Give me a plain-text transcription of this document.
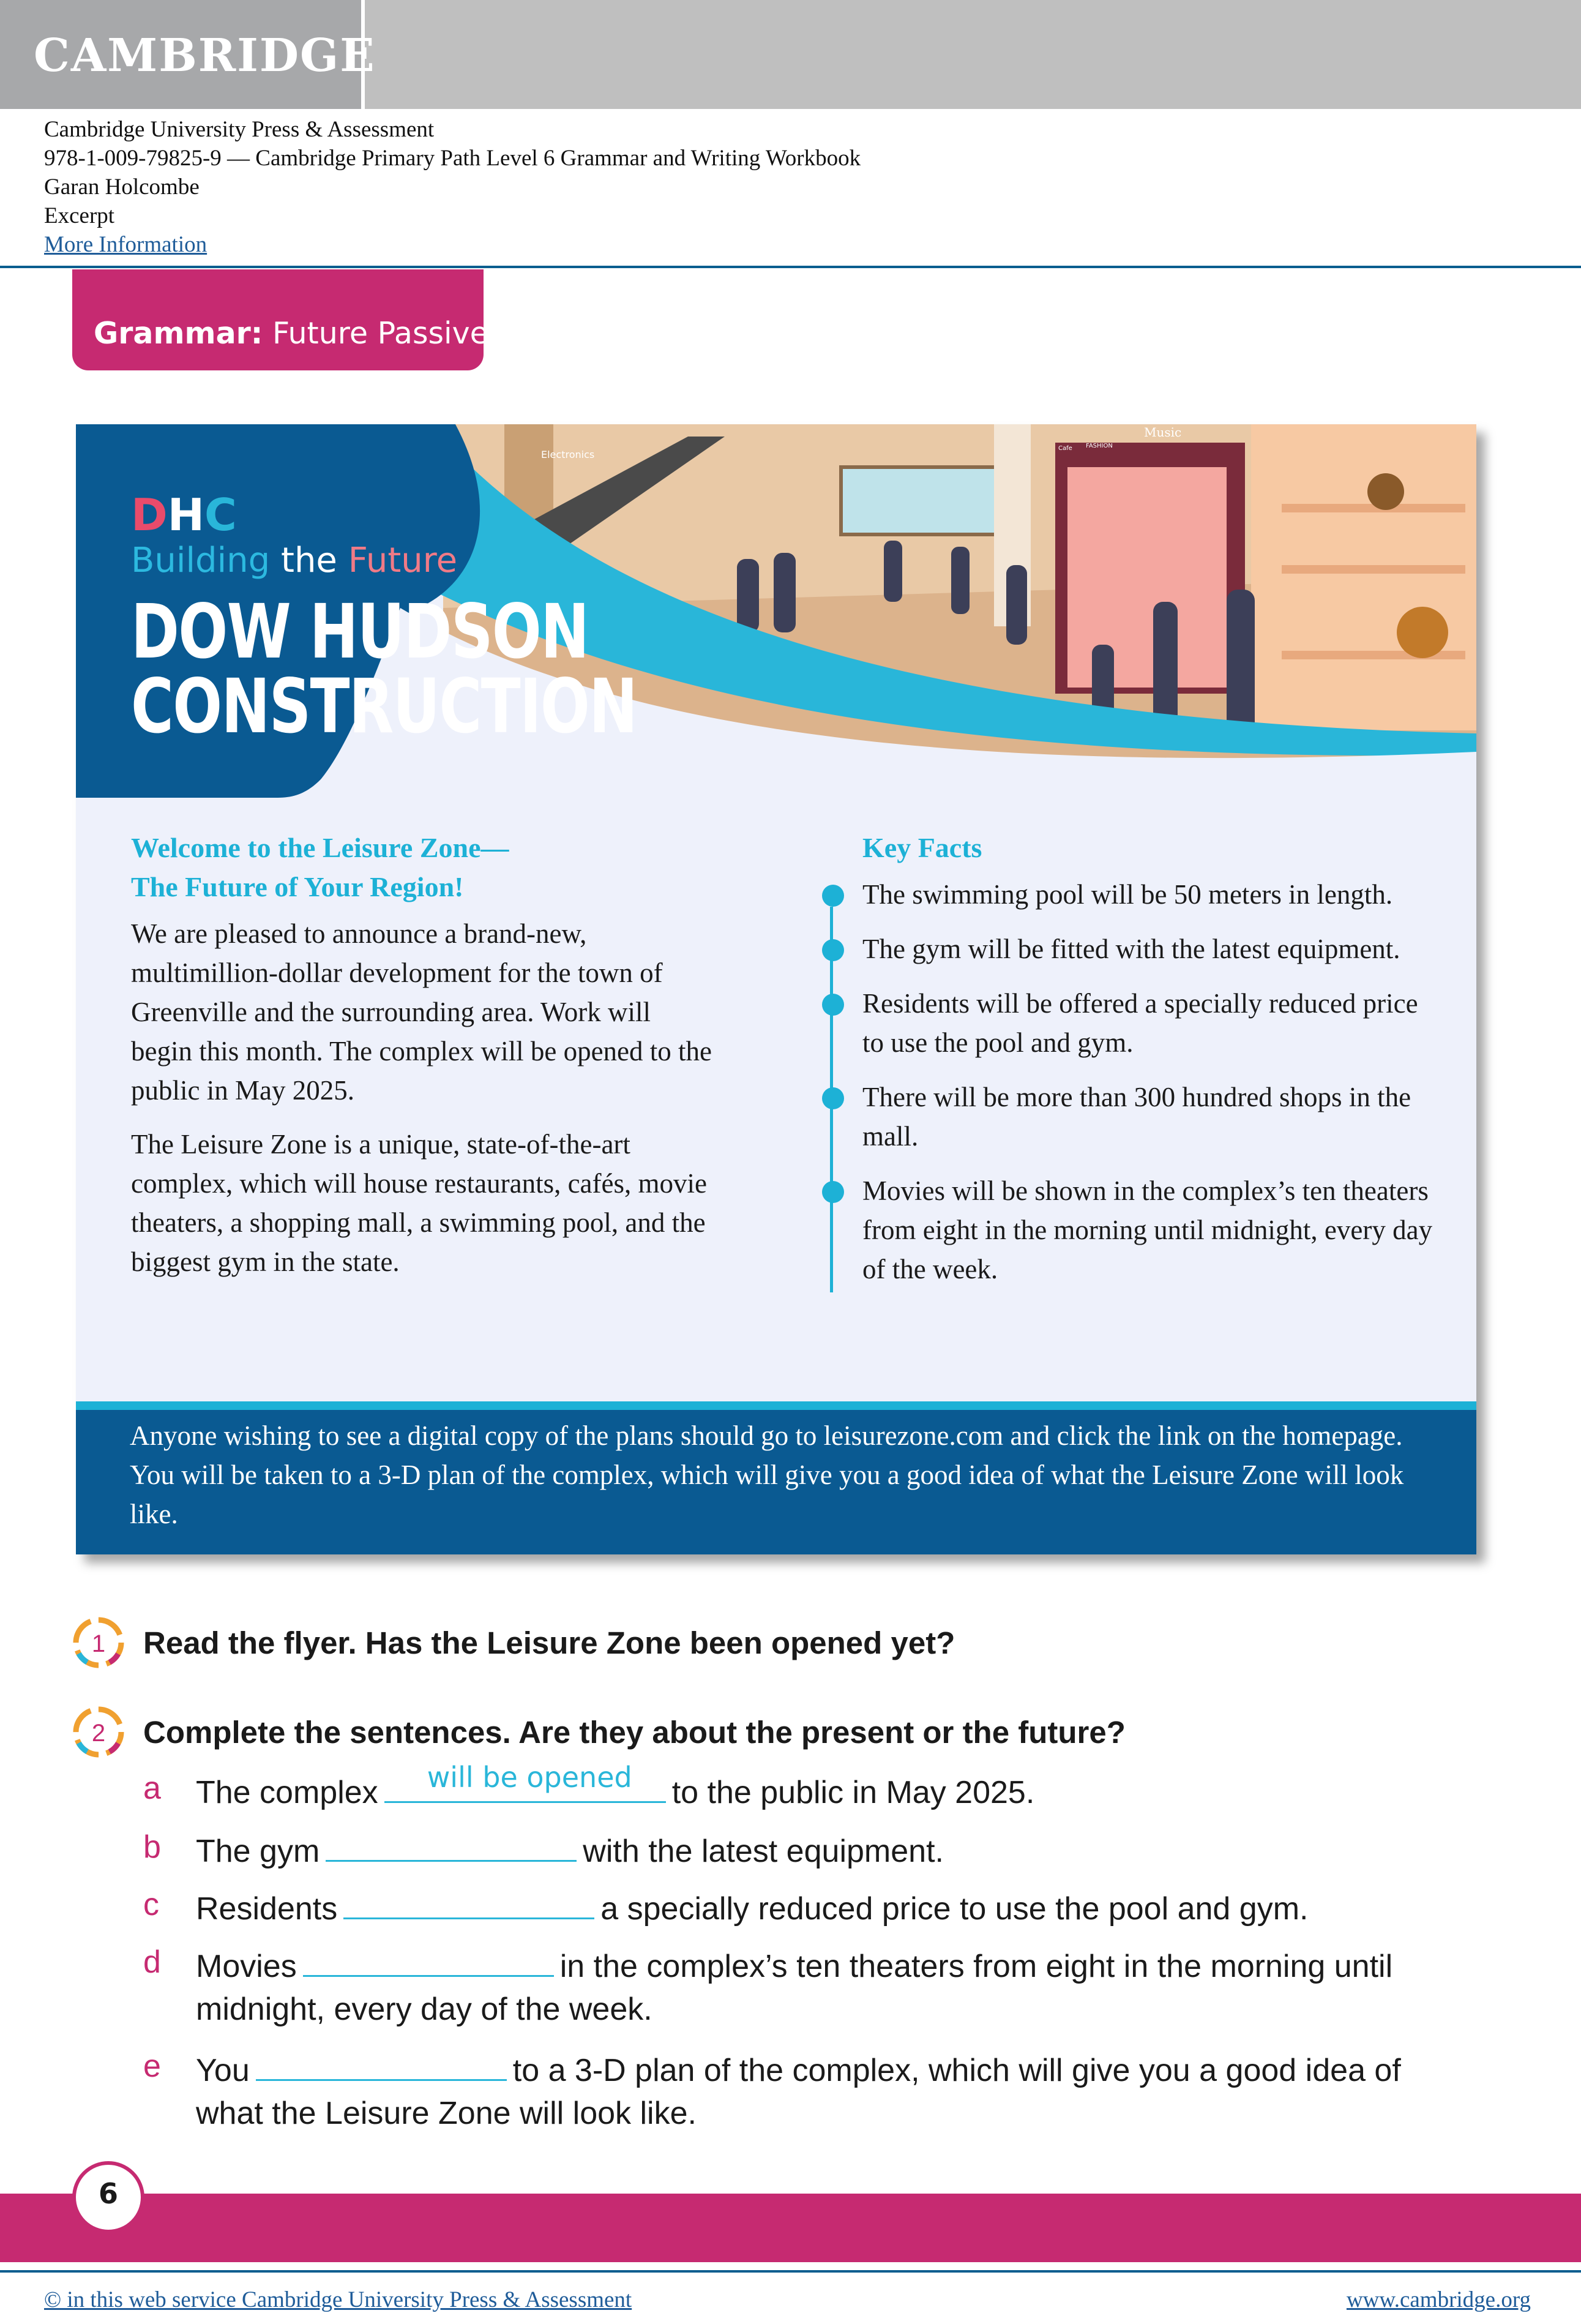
CAMBRIDGE
Cambridge University Press & Assessment
978-1-009-79825-9 — Cambridge Primary Path Level 6 Grammar and Writing Workbook
Garan Holcombe
Excerpt
More Information
Grammar: Future Passive
Electronics
Music
FASHION
Cafe
DHC
Building the Future
DOW HUDSON
CONSTRUCTION
Welcome to the Leisure Zone—
The Future of Your Region!

We are pleased to announce a brand-new, multimillion-dollar development for the town of Greenville and the surrounding area. Work will begin this month. The complex will be opened to the public in May 2025.

The Leisure Zone is a unique, state-of-the-art complex, which will house restaurants, cafés, movie theaters, a shopping mall, a swimming pool, and the biggest gym in the state.

Key Facts
The swimming pool will be 50 meters in length.
The gym will be fitted with the latest equipment.
Residents will be offered a specially reduced price to use the pool and gym.
There will be more than 300 hundred shops in the mall.
Movies will be shown in the complex’s ten theaters from eight in the morning until midnight, every day of the week.
Anyone wishing to see a digital copy of the plans should go to leisurezone.com and click the link on the homepage. You will be taken to a 3-D plan of the complex, which will give you a good idea of what the Leisure Zone will look like.
1 Read the flyer. Has the Leisure Zone been opened yet?
2 Complete the sentences. Are they about the present or the future?
a The complex will be opened to the public in May 2025.
b The gym	with the latest equipment.
c Residents	a specially reduced price to use the pool and gym.
d Movies	in the complex’s ten theaters from eight in the morning until
midnight, every day of the week.
e You	to a 3-D plan of the complex, which will give you a good idea of
what the Leisure Zone will look like.
6
© in this web service Cambridge University Press & Assessment	www.cambridge.org
